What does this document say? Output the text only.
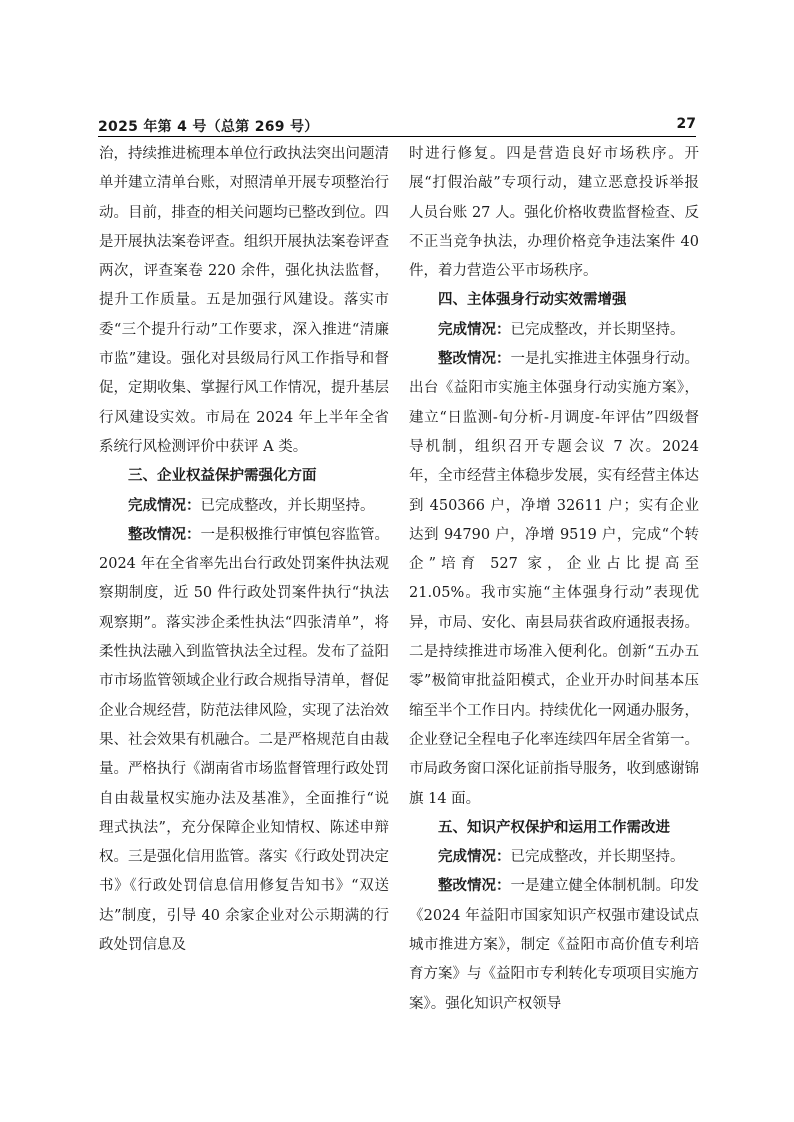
2025 年第 4 号（总第 269 号）	27

治，持续推进梳理本单位行政执法突出问题清单并建立清单台账，对照清单开展专项整治行动。目前，排查的相关问题均已整改到位。四是开展执法案卷评查。组织开展执法案卷评查两次，评查案卷 220 余件，强化执法监督，提升工作质量。五是加强行风建设。落实市委“三个提升行动”工作要求，深入推进“清廉市监”建设。强化对县级局行风工作指导和督促，定期收集、掌握行风工作情况，提升基层行风建设实效。市局在 2024 年上半年全省系统行风检测评价中获评 A 类。

三、企业权益保护需强化方面

完成情况：已完成整改，并长期坚持。

整改情况：一是积极推行审慎包容监管。2024 年在全省率先出台行政处罚案件执法观察期制度，近 50 件行政处罚案件执行“执法观察期”。落实涉企柔性执法“四张清单”，将柔性执法融入到监管执法全过程。发布了益阳市市场监管领域企业行政合规指导清单，督促企业合规经营，防范法律风险，实现了法治效果、社会效果有机融合。二是严格规范自由裁量。严格执行《湖南省市场监督管理行政处罚自由裁量权实施办法及基准》，全面推行“说理式执法”，充分保障企业知情权、陈述申辩权。三是强化信用监管。落实《行政处罚决定书》《行政处罚信息信用修复告知书》“双送达”制度，引导 40 余家企业对公示期满的行政处罚信息及

时进行修复。四是营造良好市场秩序。开展“打假治敲”专项行动，建立恶意投诉举报人员台账 27 人。强化价格收费监督检查、反不正当竞争执法，办理价格竞争违法案件 40 件，着力营造公平市场秩序。

四、主体强身行动实效需增强

完成情况：已完成整改，并长期坚持。

整改情况：一是扎实推进主体强身行动。出台《益阳市实施主体强身行动实施方案》，建立“日监测-旬分析-月调度-年评估”四级督导机制，组织召开专题会议 7 次。2024 年，全市经营主体稳步发展，实有经营主体达到 450366 户，净增 32611 户；实有企业达到 94790 户，净增 9519 户，完成“个转企”培育 527 家，企业占比提高至 21.05%。我市实施“主体强身行动”表现优异，市局、安化、南县局获省政府通报表扬。二是持续推进市场准入便利化。创新“五办五零”极简审批益阳模式，企业开办时间基本压缩至半个工作日内。持续优化一网通办服务，企业登记全程电子化率连续四年居全省第一。市局政务窗口深化证前指导服务，收到感谢锦旗 14 面。

五、知识产权保护和运用工作需改进

完成情况：已完成整改，并长期坚持。

整改情况：一是建立健全体制机制。印发《2024 年益阳市国家知识产权强市建设试点城市推进方案》，制定《益阳市高价值专利培育方案》与《益阳市专利转化专项项目实施方案》。强化知识产权领导
